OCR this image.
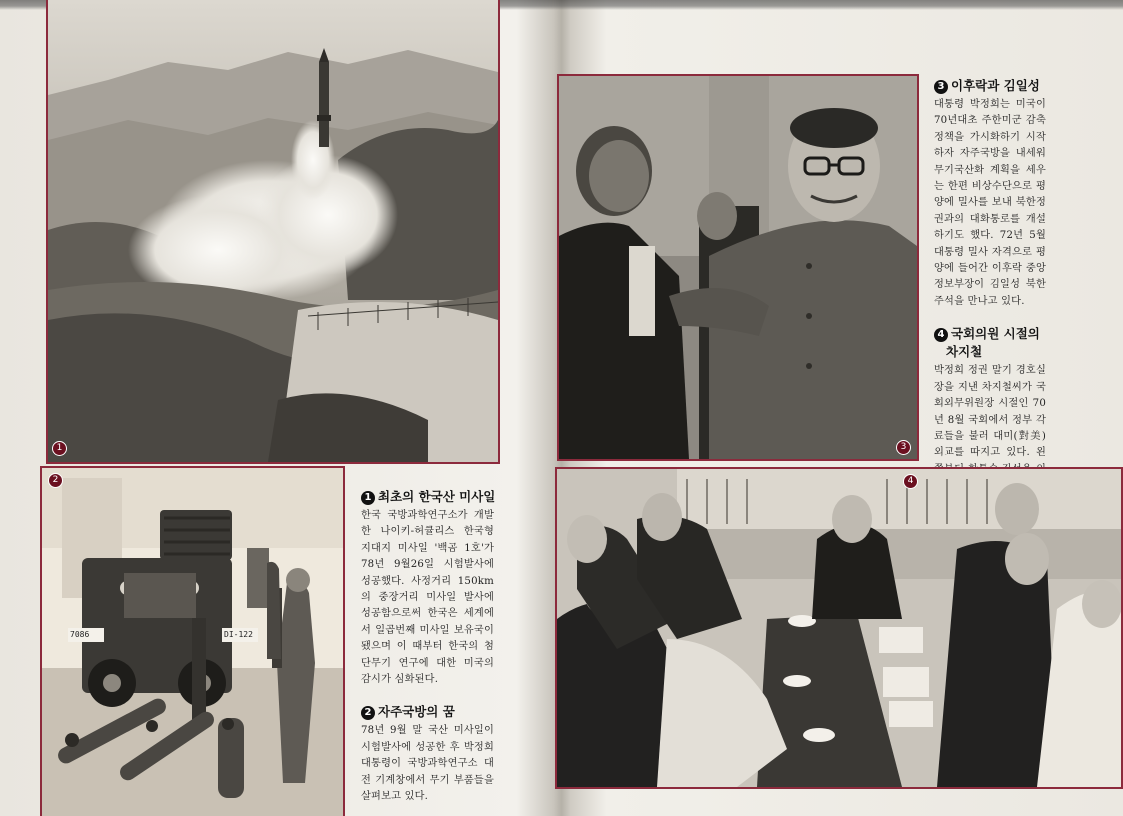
1
2
7086	DI-122
1 최초의 한국산 미사일
한국 국방과학연구소가 개발한 나이키-허큘리스 한국형 지대지 미사일 '백곰 1호'가 78년 9월26일 시험발사에 성공했다. 사정거리 150km의 중장거리 미사일 발사에 성공함으로써 한국은 세계에서 일곱번째 미사일 보유국이 됐으며 이 때부터 한국의 첨단무기 연구에 대한 미국의 감시가 심화된다.
2 자주국방의 꿈
78년 9월 말 국산 미사일이 시험발사에 성공한 후 박정희 대통령이 국방과학연구소 대전 기계창에서 무기 부품들을 살펴보고 있다.
3
3 이후락과 김일성
대통령 박정희는 미국이 70년대초 주한미군 감축정책을 가시화하기 시작하자 자주국방을 내세워 무기국산화 계획을 세우는 한편 비상수단으로 평양에 밀사를 보내 북한정권과의 대화통로를 개설하기도 했다. 72년 5월 대통령 밀사 자격으로 평양에 들어간 이후락 중앙정보부장이 김일성 북한 주석을 만나고 있다.
4 국회의원 시절의
차지철
박정희 정권 말기 경호실장을 지낸 차지철씨가 국회외무위원장 시절인 70년 8월 국회에서 정부 각료들을 불러 대미(對美)외교를 따지고 있다. 왼
4
